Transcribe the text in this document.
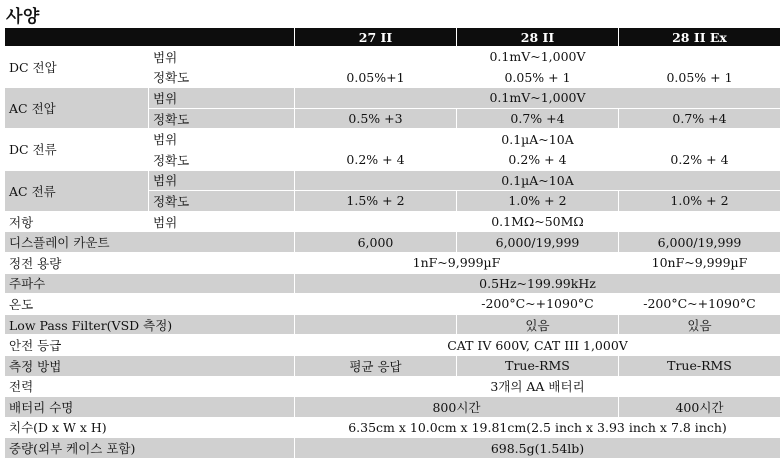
사양
		27 II	28 II	28 II Ex
DC 전압	범위	0.1mV~1,000V		
	정확도	0.05%+1	0.05% + 1	0.05% + 1
AC 전압	범위	0.1mV~1,000V		
	정확도	0.5% +3	0.7% +4	0.7% +4
DC 전류	범위	0.1µA~10A		
	정확도	0.2% + 4	0.2% + 4	0.2% + 4
AC 전류	범위	0.1µA~10A		
	정확도	1.5% + 2	1.0% + 2	1.0% + 2
저항	범위	0.1MΩ~50MΩ		
디스플레이 카운트		6,000	6,000/19,999	6,000/19,999
정전 용량		1nF~9,999µF		10nF~9,999µF
주파수		0.5Hz~199.99kHz		
온도			-200°C~+1090°C	-200°C~+1090°C
Low Pass Filter(VSD 측정)			있음	있음
안전 등급		CAT IV 600V, CAT III 1,000V		
측정 방법		평균 응답	True-RMS	True-RMS
전력		3개의 AA 배터리		
배터리 수명		800시간		400시간
치수(D x W x H)		6.35cm x 10.0cm x 19.81cm(2.5 inch x 3.93 inch x 7.8 inch)		
중량(외부 케이스 포함)		698.5g(1.54lb)		
